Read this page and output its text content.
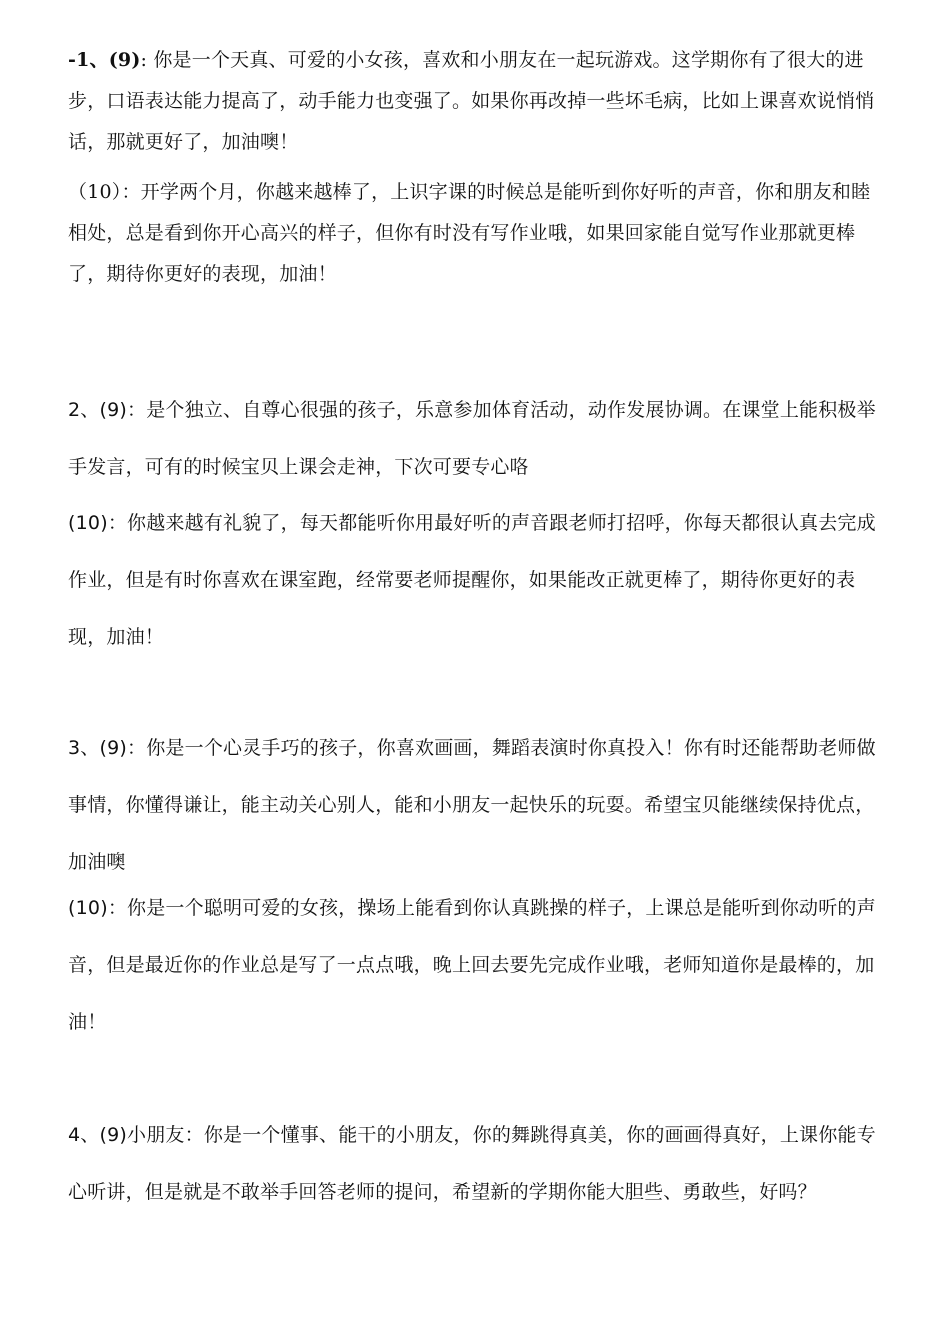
-1、(9): 你是一个天真、可爱的小女孩，喜欢和小朋友在一起玩游戏。这学期你有了很大的进步，口语表达能力提高了，动手能力也变强了。如果你再改掉一些坏毛病，比如上课喜欢说悄悄话，那就更好了，加油噢！

（10）：开学两个月，你越来越棒了，上识字课的时候总是能听到你好听的声音，你和朋友和睦相处，总是看到你开心高兴的样子，但你有时没有写作业哦，如果回家能自觉写作业那就更棒了，期待你更好的表现，加油！

2、(9)：是个独立、自尊心很强的孩子，乐意参加体育活动，动作发展协调。在课堂上能积极举手发言，可有的时候宝贝上课会走神，下次可要专心咯

(10)：你越来越有礼貌了，每天都能听你用最好听的声音跟老师打招呼，你每天都很认真去完成作业，但是有时你喜欢在课室跑，经常要老师提醒你，如果能改正就更棒了，期待你更好的表现，加油！

3、(9)：你是一个心灵手巧的孩子，你喜欢画画，舞蹈表演时你真投入！你有时还能帮助老师做事情，你懂得谦让，能主动关心别人，能和小朋友一起快乐的玩耍。希望宝贝能继续保持优点，加油噢

(10)：你是一个聪明可爱的女孩，操场上能看到你认真跳操的样子，上课总是能听到你动听的声音，但是最近你的作业总是写了一点点哦，晚上回去要先完成作业哦，老师知道你是最棒的，加油！

4、(9)小朋友：你是一个懂事、能干的小朋友，你的舞跳得真美，你的画画得真好，上课你能专心听讲，但是就是不敢举手回答老师的提问，希望新的学期你能大胆些、勇敢些，好吗？
